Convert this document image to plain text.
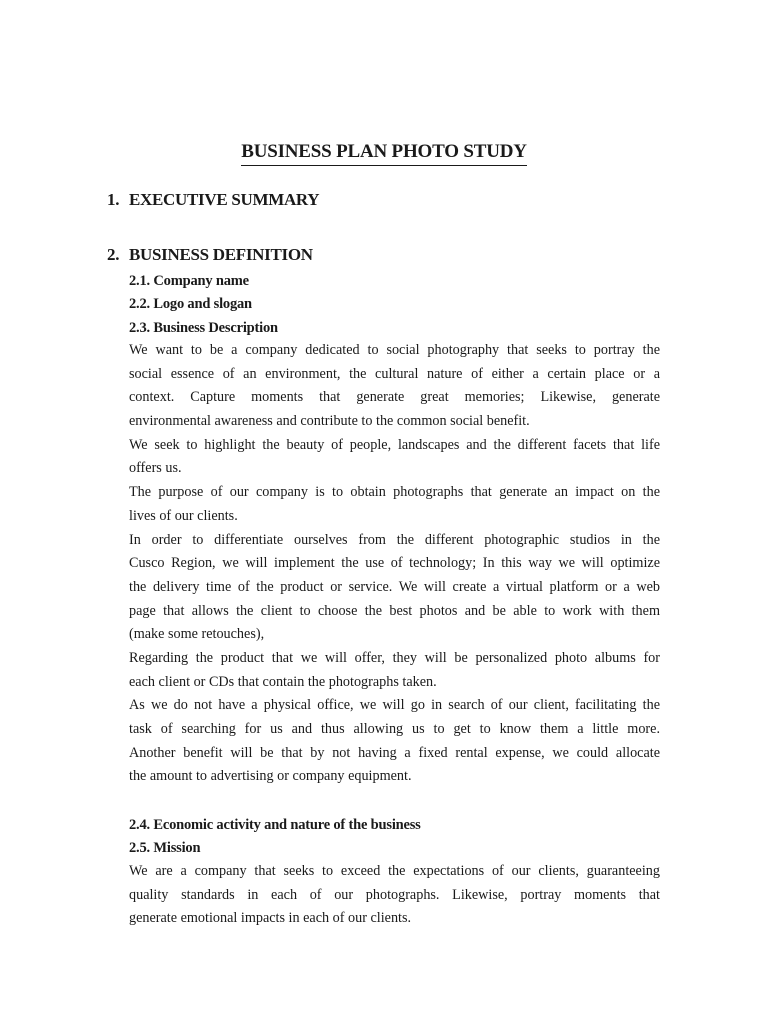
BUSINESS PLAN PHOTO STUDY
1. EXECUTIVE SUMMARY
2. BUSINESS DEFINITION
2.1. Company name
2.2. Logo and slogan
2.3. Business Description
We want to be a company dedicated to social photography that seeks to portray the
social essence of an environment, the cultural nature of either a certain place or a
context. Capture moments that generate great memories; Likewise, generate
environmental awareness and contribute to the common social benefit.
We seek to highlight the beauty of people, landscapes and the different facets that life
offers us.
The purpose of our company is to obtain photographs that generate an impact on the
lives of our clients.
In order to differentiate ourselves from the different photographic studios in the
Cusco Region, we will implement the use of technology; In this way we will optimize
the delivery time of the product or service. We will create a virtual platform or a web
page that allows the client to choose the best photos and be able to work with them
(make some retouches),
Regarding the product that we will offer, they will be personalized photo albums for
each client or CDs that contain the photographs taken.
As we do not have a physical office, we will go in search of our client, facilitating the
task of searching for us and thus allowing us to get to know them a little more.
Another benefit will be that by not having a fixed rental expense, we could allocate
the amount to advertising or company equipment.
2.4. Economic activity and nature of the business
2.5. Mission
We are a company that seeks to exceed the expectations of our clients, guaranteeing
quality standards in each of our photographs. Likewise, portray moments that
generate emotional impacts in each of our clients.
